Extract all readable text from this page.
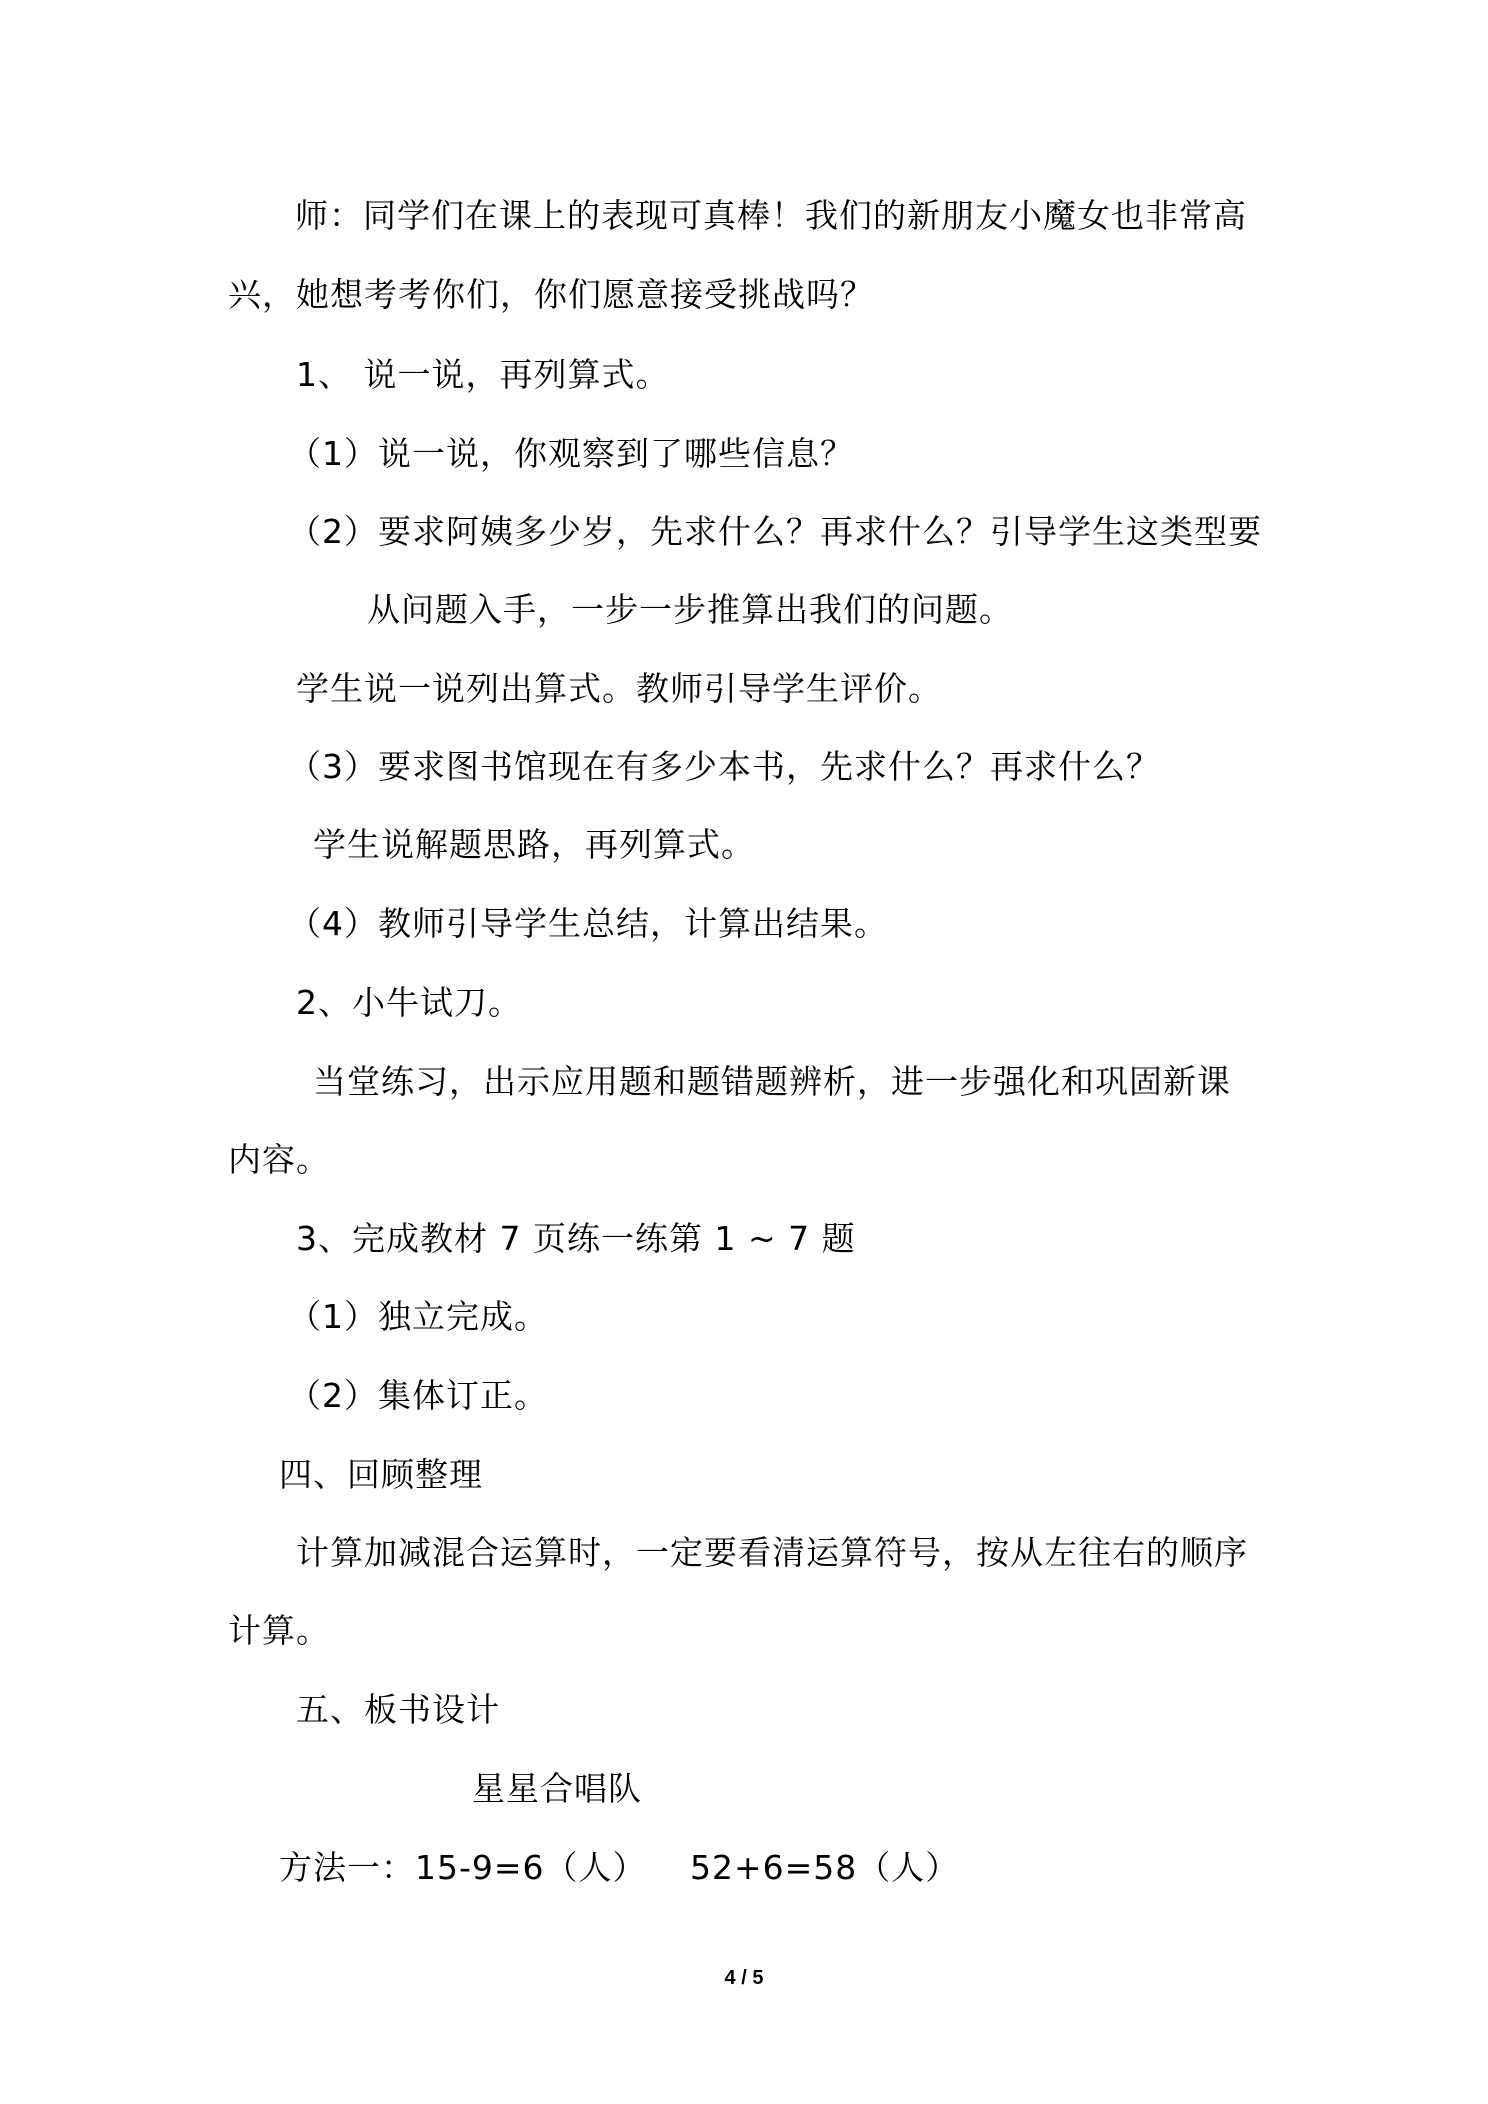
师：同学们在课上的表现可真棒！我们的新朋友小魔女也非常高
兴，她想考考你们，你们愿意接受挑战吗？
1、 说一说，再列算式。
（1）说一说，你观察到了哪些信息？
（2）要求阿姨多少岁，先求什么？再求什么？引导学生这类型要
从问题入手，一步一步推算出我们的问题。
学生说一说列出算式。教师引导学生评价。
（3）要求图书馆现在有多少本书，先求什么？再求什么？
学生说解题思路，再列算式。
（4）教师引导学生总结，计算出结果。
2、小牛试刀。
当堂练习，出示应用题和题错题辨析，进一步强化和巩固新课
内容。
3、完成教材 7 页练一练第 1 ~ 7 题
（1）独立完成。
（2）集体订正。
四、回顾整理
计算加减混合运算时，一定要看清运算符号，按从左往右的顺序
计算。
五、板书设计
星星合唱队
方法一：15-9=6（人） 52+6=58（人）
4 / 5
